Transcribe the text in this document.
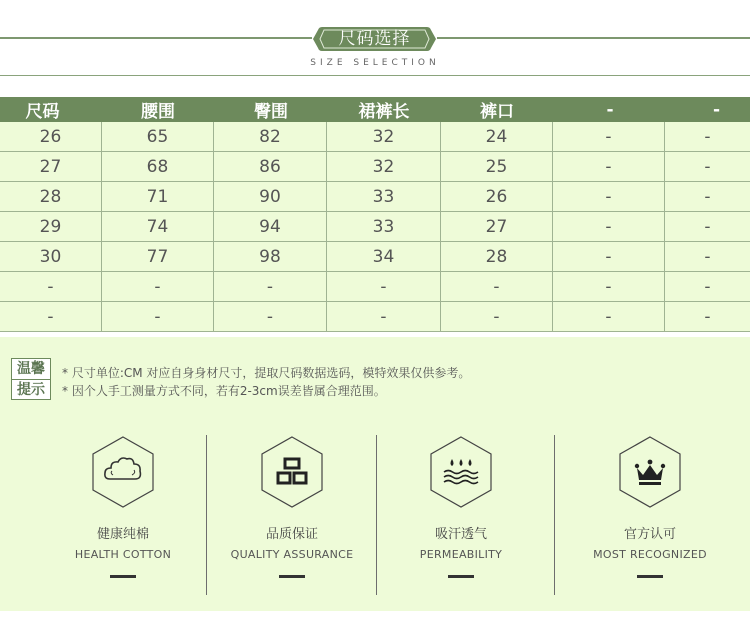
尺码选择
SIZE SELECTION
尺码	腰围	臀围	裙裤长	裤口	-	-
26	65	82	32	24	-	-
27	68	86	32	25	-	-
28	71	90	33	26	-	-
29	74	94	33	27	-	-
30	77	98	34	28	-	-
-	-	-	-	-	-	-
-	-	-	-	-	-	-
温馨
提示
* 尺寸单位:CM 对应自身身材尺寸，提取尺码数据选码，模特效果仅供参考。
* 因个人手工测量方式不同，若有2-3cm误差皆属合理范围。
健康纯棉
HEALTH COTTON
品质保证
QUALITY ASSURANCE
吸汗透气
PERMEABILITY
官方认可
MOST RECOGNIZED
